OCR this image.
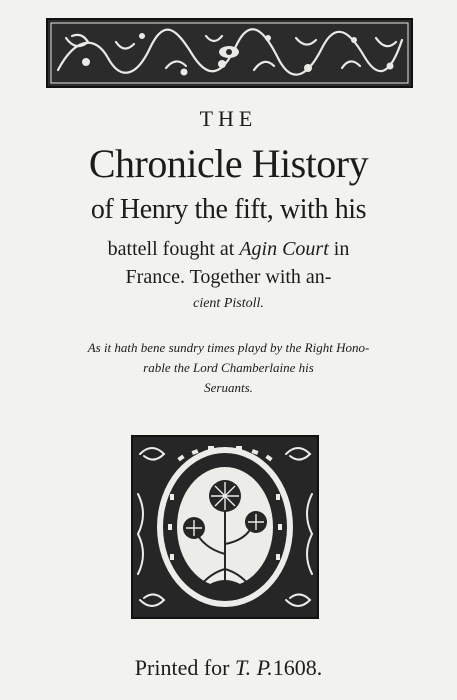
THE
Chronicle History
of Henry the fift, with his
battell fought at Agin Court in
France. Together with an-
cient Pistoll.
As it hath bene sundry times playd by the Right Hono-
rable the Lord Chamberlaine his
Seruants.
Printed for T. P.1608.
